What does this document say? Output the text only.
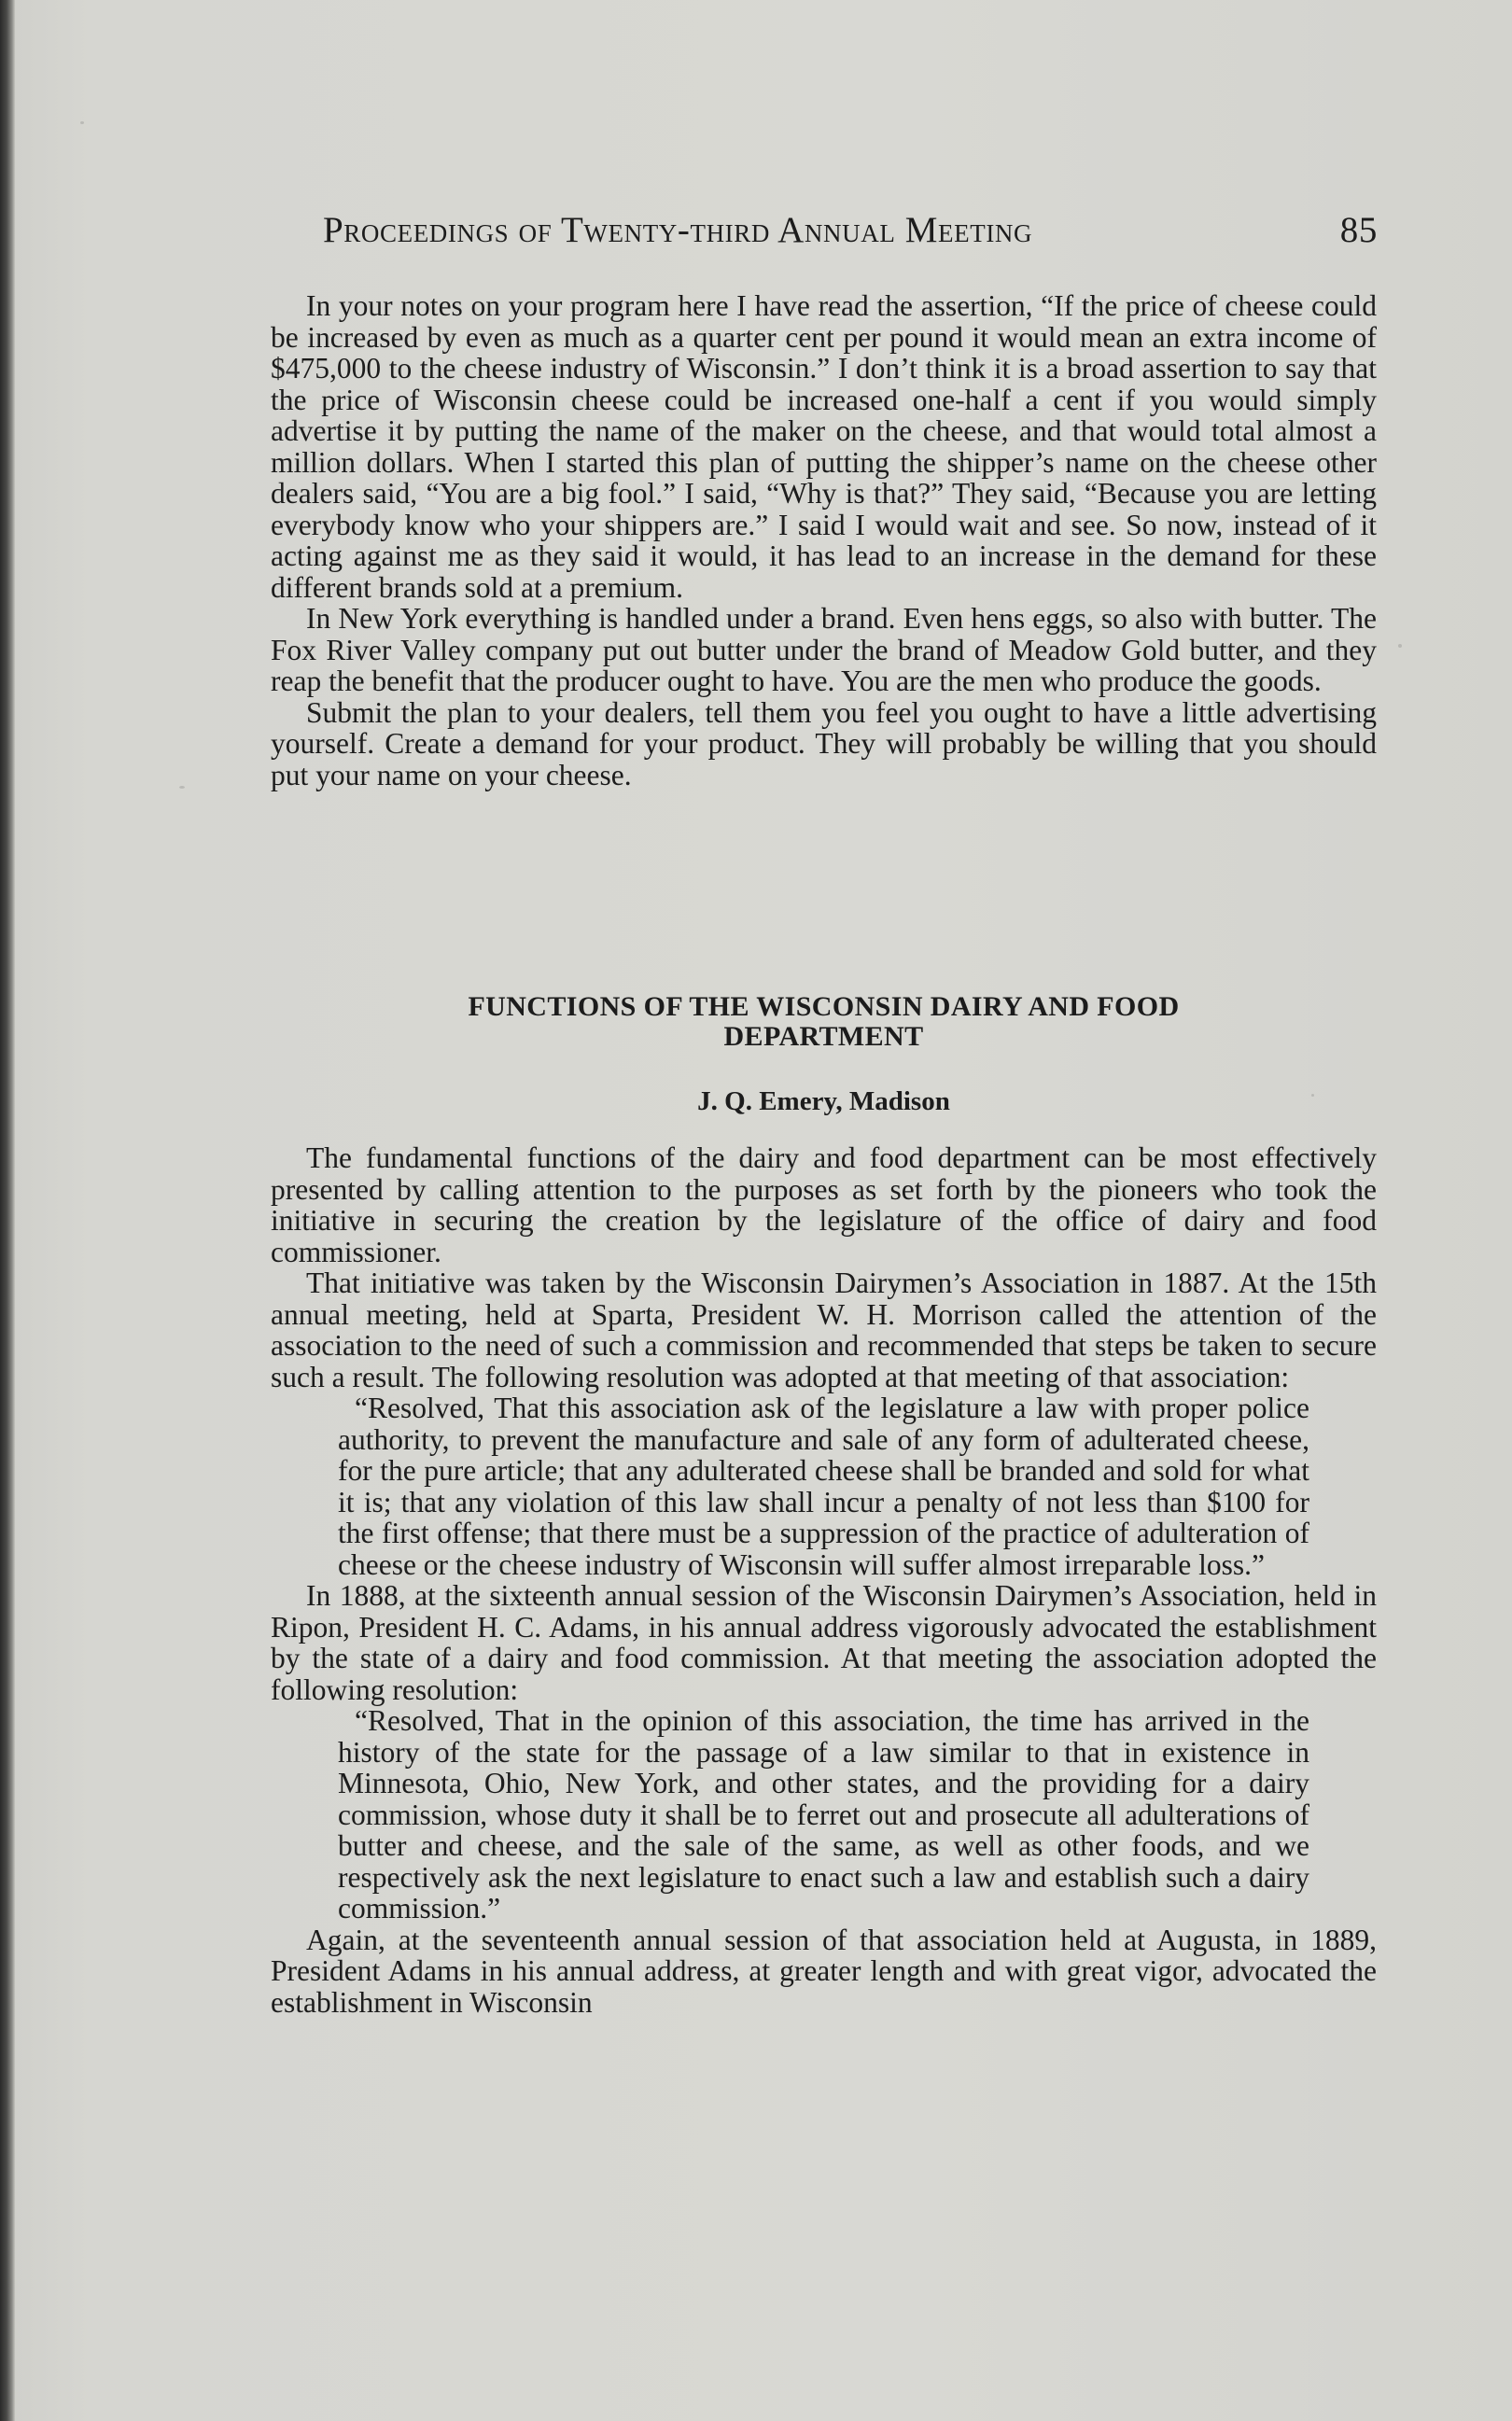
Proceedings of Twenty-third Annual Meeting	85

In your notes on your program here I have read the assertion, “If the price of cheese could be increased by even as much as a quarter cent per pound it would mean an extra income of $475,000 to the cheese industry of Wisconsin.” I don’t think it is a broad assertion to say that the price of Wisconsin cheese could be increased one-half a cent if you would simply advertise it by putting the name of the maker on the cheese, and that would total almost a million dollars. When I started this plan of putting the shipper’s name on the cheese other dealers said, “You are a big fool.” I said, “Why is that?” They said, “Because you are letting everybody know who your shippers are.” I said I would wait and see. So now, instead of it acting against me as they said it would, it has lead to an increase in the demand for these different brands sold at a premium.

In New York everything is handled under a brand. Even hens eggs, so also with butter. The Fox River Valley company put out butter under the brand of Meadow Gold butter, and they reap the benefit that the producer ought to have. You are the men who produce the goods.

Submit the plan to your dealers, tell them you feel you ought to have a little advertising yourself. Create a demand for your product. They will probably be willing that you should put your name on your cheese.

FUNCTIONS OF THE WISCONSIN DAIRY AND FOOD
DEPARTMENT
J. Q. Emery, Madison

The fundamental functions of the dairy and food department can be most effectively presented by calling attention to the purposes as set forth by the pioneers who took the initiative in securing the creation by the legislature of the office of dairy and food commissioner.

That initiative was taken by the Wisconsin Dairymen’s Association in 1887. At the 15th annual meeting, held at Sparta, President W. H. Morrison called the attention of the association to the need of such a commission and recommended that steps be taken to secure such a result. The following resolution was adopted at that meeting of that association:

“Resolved, That this association ask of the legislature a law with proper police authority, to prevent the manufacture and sale of any form of adulterated cheese, for the pure article; that any adulterated cheese shall be branded and sold for what it is; that any violation of this law shall incur a penalty of not less than $100 for the first offense; that there must be a suppression of the practice of adulteration of cheese or the cheese industry of Wisconsin will suffer almost irreparable loss.”

In 1888, at the sixteenth annual session of the Wisconsin Dairymen’s Association, held in Ripon, President H. C. Adams, in his annual address vigorously advocated the establishment by the state of a dairy and food commission. At that meeting the association adopted the following resolution:

“Resolved, That in the opinion of this association, the time has arrived in the history of the state for the passage of a law similar to that in existence in Minnesota, Ohio, New York, and other states, and the providing for a dairy commission, whose duty it shall be to ferret out and prosecute all adulterations of butter and cheese, and the sale of the same, as well as other foods, and we respectively ask the next legislature to enact such a law and establish such a dairy commission.”

Again, at the seventeenth annual session of that association held at Augusta, in 1889, President Adams in his annual address, at greater length and with great vigor, advocated the establishment in Wisconsin
